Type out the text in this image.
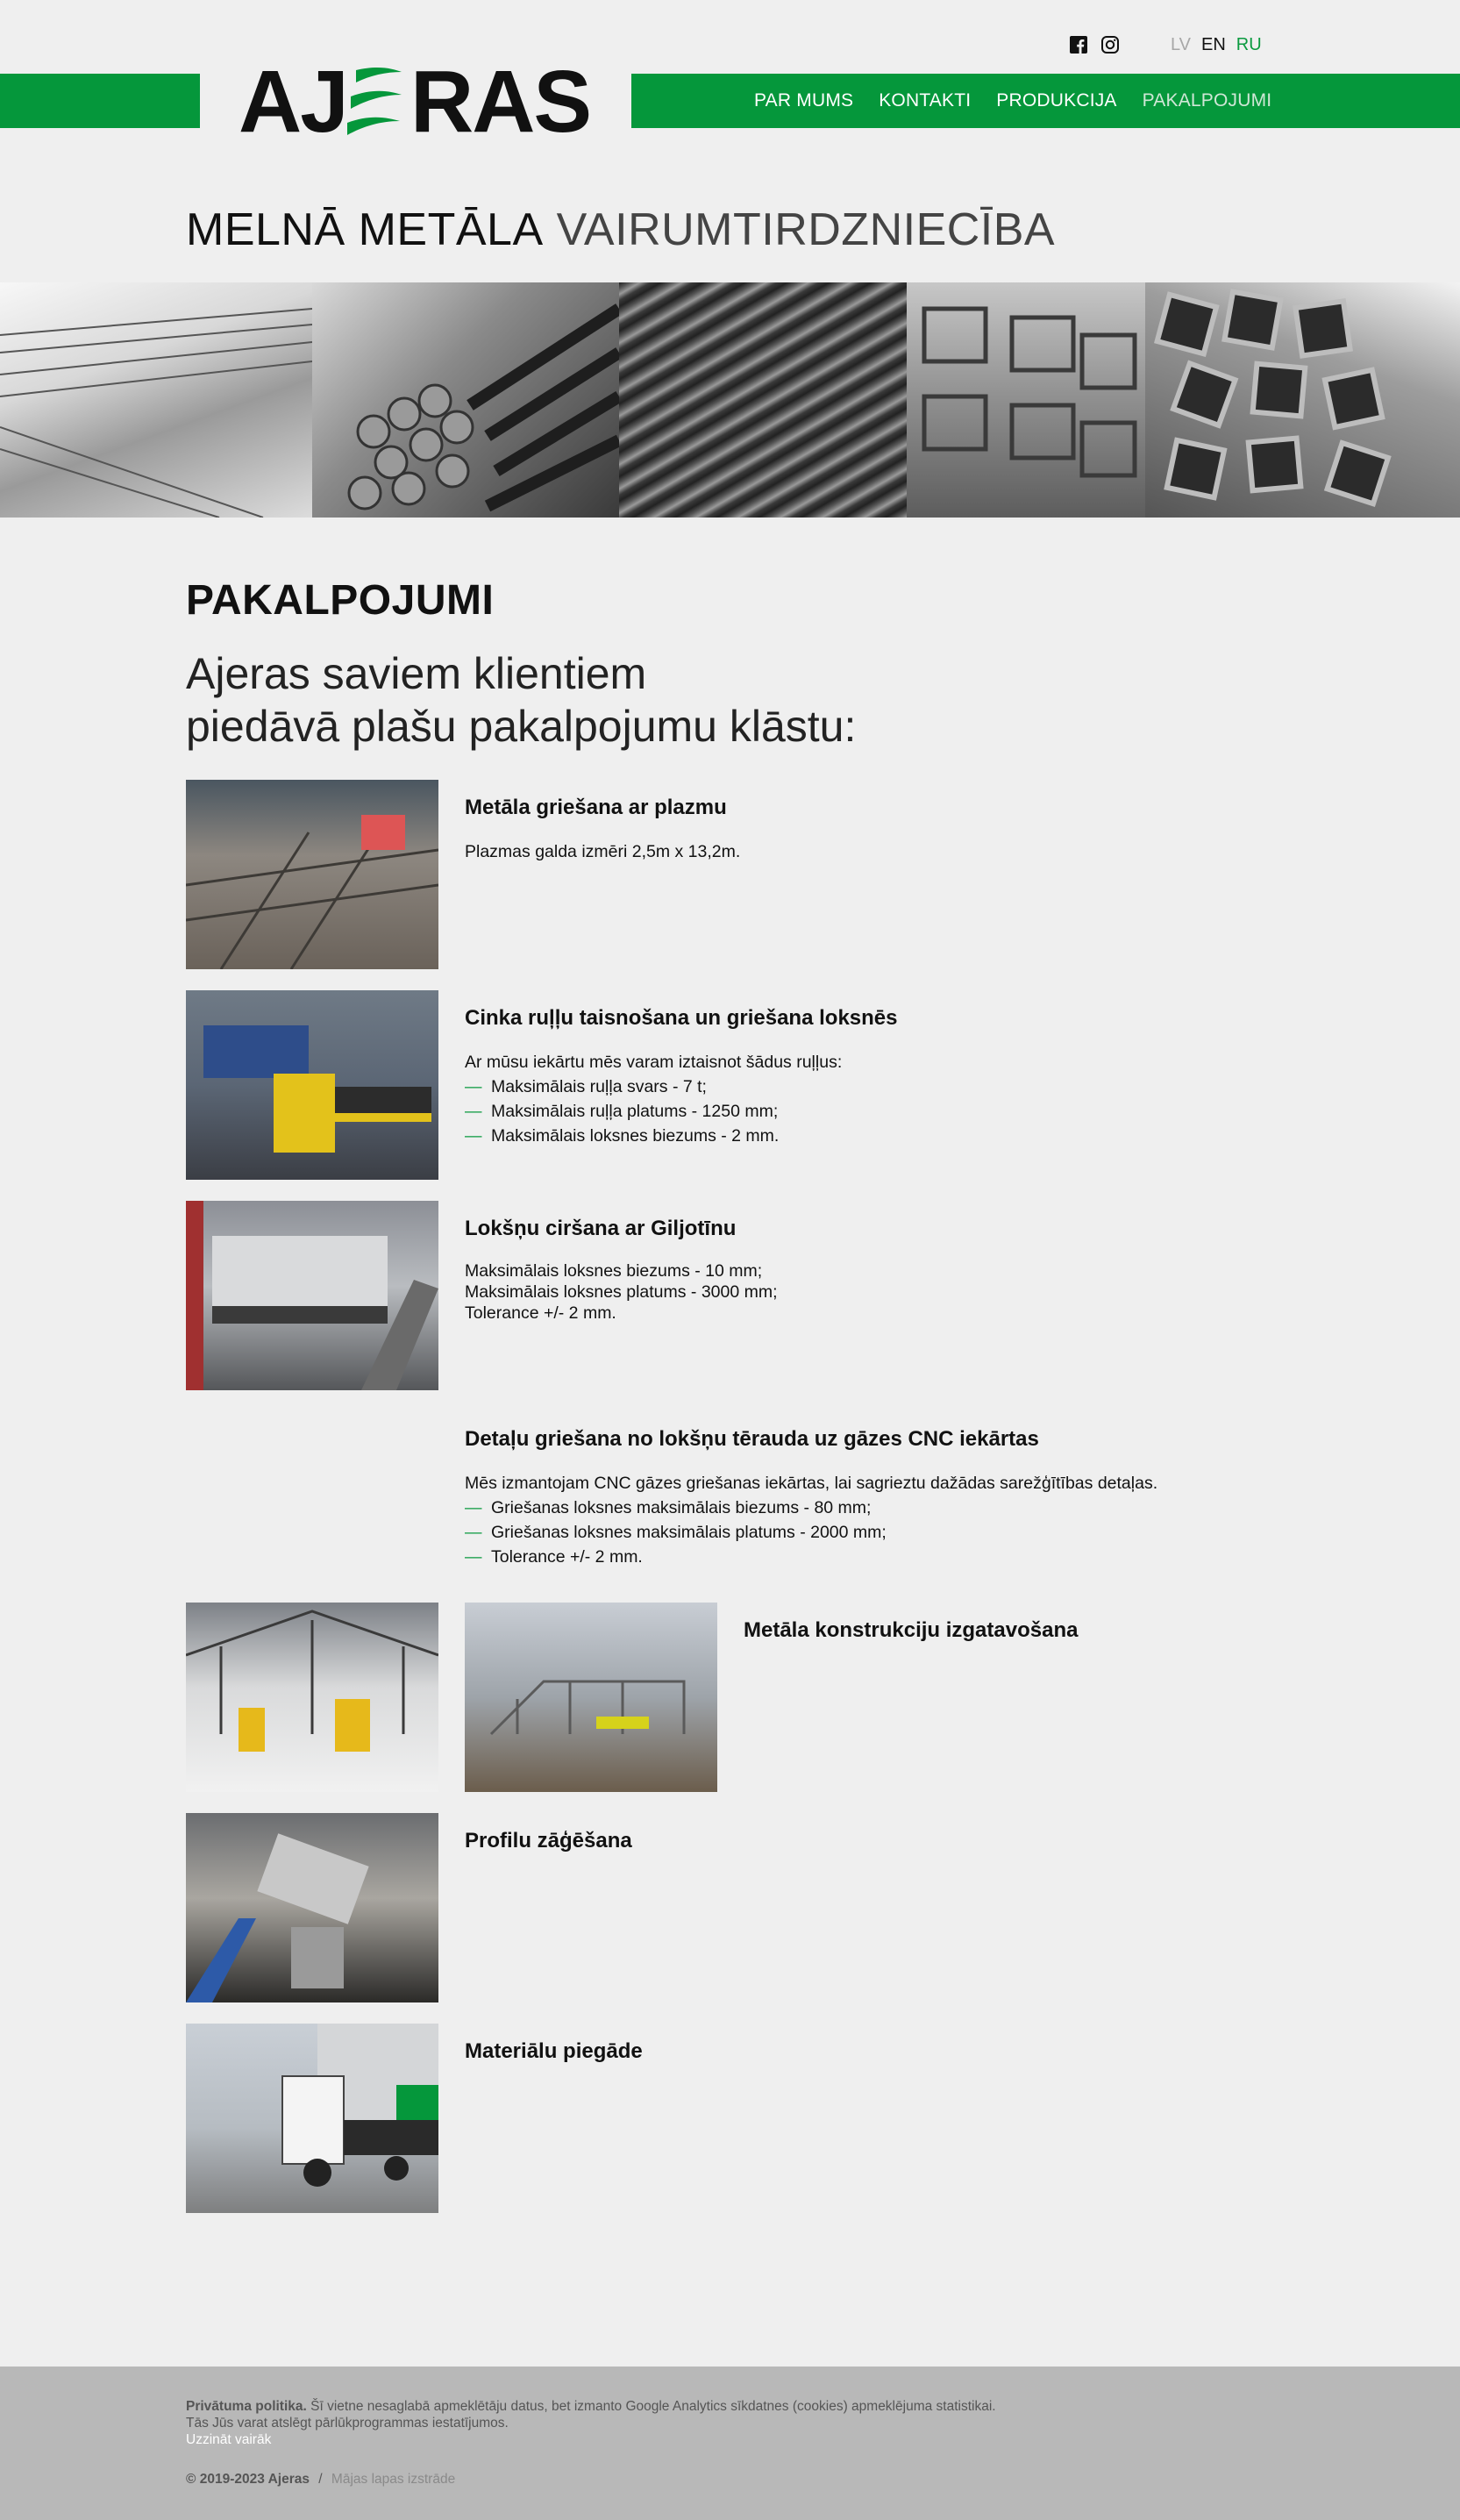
LV EN RU
AJ RAS	PAR MUMS KONTAKTI PRODUKCIJA PAKALPOJUMI
MELNĀ METĀLA VAIRUMTIRDZNIECĪBA
PAKALPOJUMI
Ajeras saviem klientiem
piedāvā plašu pakalpojumu klāstu:
Metāla griešana ar plazmu

Plazmas galda izmēri 2,5m x 13,2m.

Cinka ruļļu taisnošana un griešana loksnēs

Ar mūsu iekārtu mēs varam iztaisnot šādus ruļļus:

— Maksimālais ruļļa svars - 7 t;
— Maksimālais ruļļa platums - 1250 mm;
— Maksimālais loksnes biezums - 2 mm.
Lokšņu ciršana ar Giljotīnu

Maksimālais loksnes biezums - 10 mm;

Maksimālais loksnes platums - 3000 mm;

Tolerance +/- 2 mm.

Detaļu griešana no lokšņu tērauda uz gāzes CNC iekārtas

Mēs izmantojam CNC gāzes griešanas iekārtas, lai sagrieztu dažādas sarežģītības detaļas.

— Griešanas loksnes maksimālais biezums - 80 mm;
— Griešanas loksnes maksimālais platums - 2000 mm;
— Tolerance +/- 2 mm.
Metāla konstrukciju izgatavošana
Profilu zāģēšana
Materiālu piegāde
Privātuma politika. Šī vietne nesaglabā apmeklētāju datus, bet izmanto Google Analytics sīkdatnes (cookies) apmeklējuma statistikai.
Tās Jūs varat atslēgt pārlūkprogrammas iestatījumos.
Uzzināt vairāk
© 2019-2023 Ajeras / Mājas lapas izstrāde
